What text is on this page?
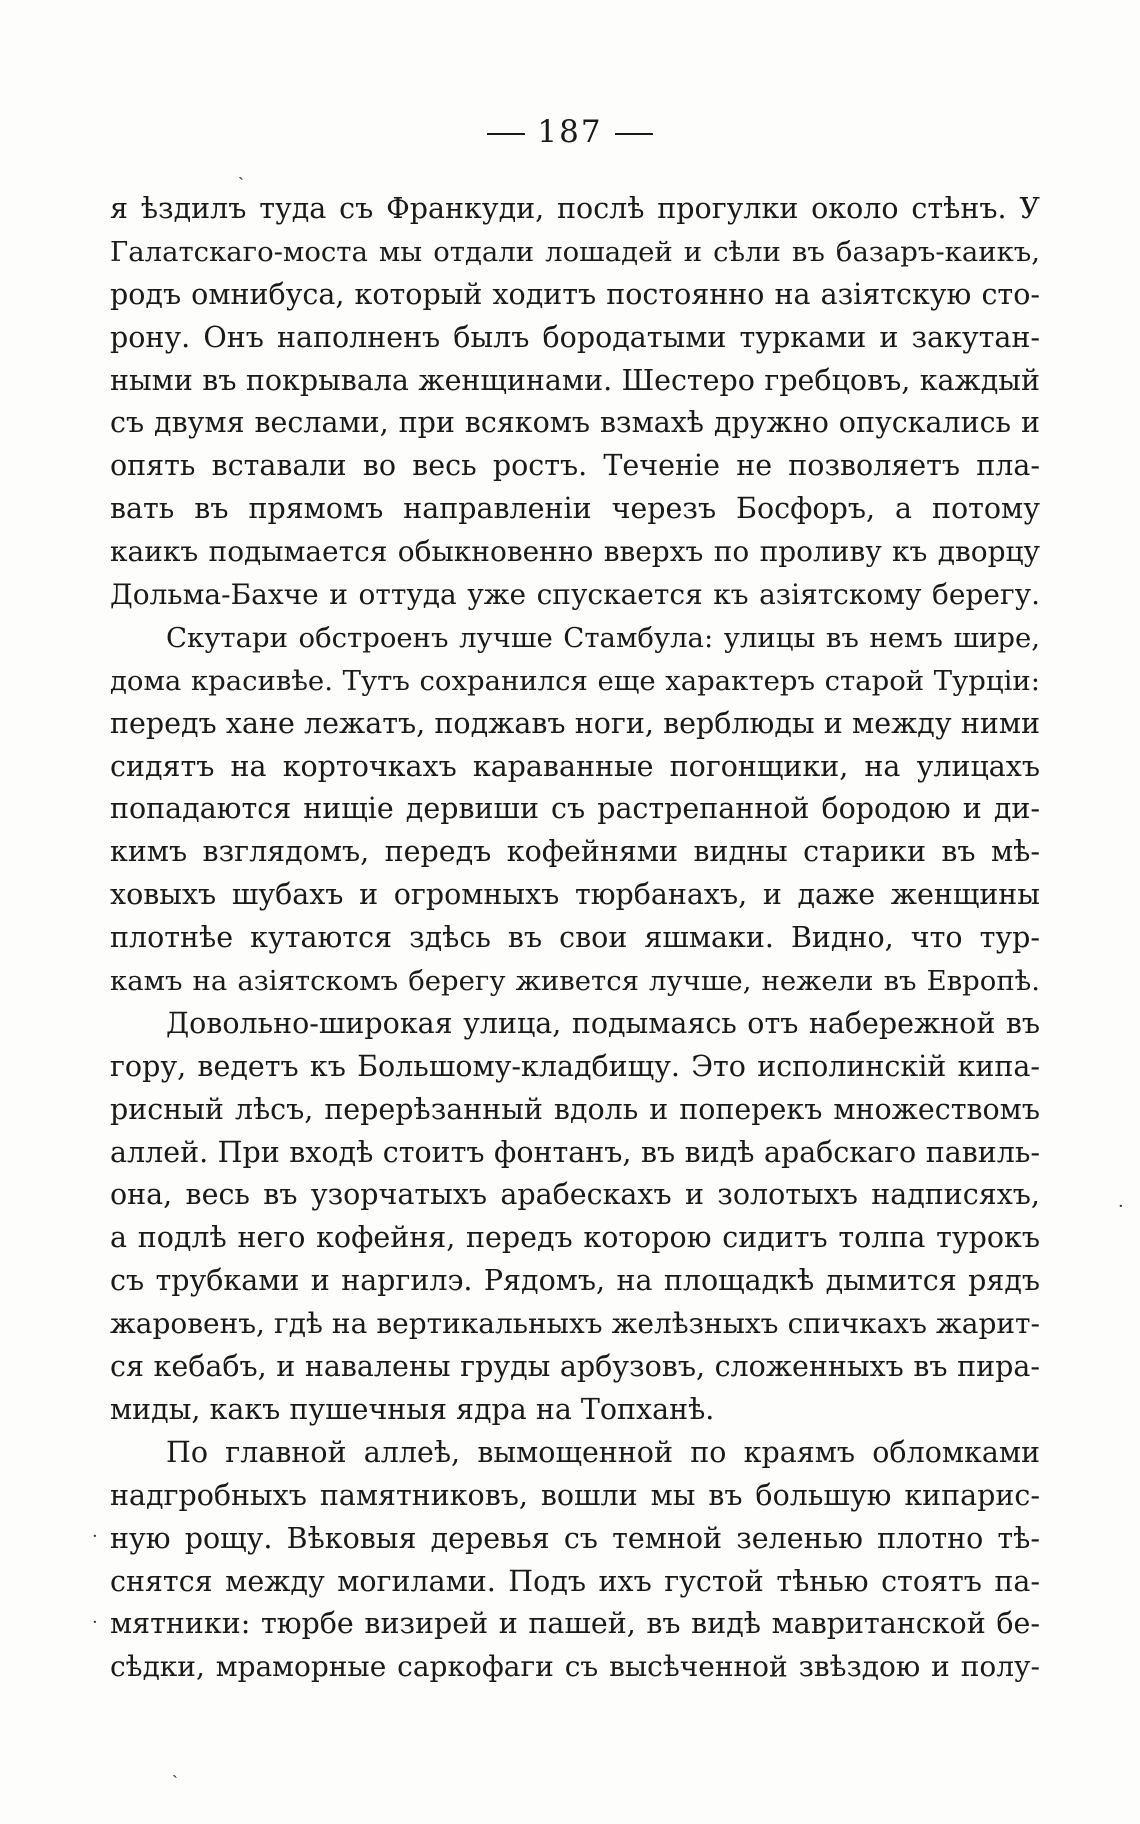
187
я ѣздилъ туда съ Франкуди, послѣ прогулки около стѣнъ. У
Галатскаго-моста мы отдали лошадей и сѣли въ базаръ-каикъ,
родъ омнибуса, который ходитъ постоянно на азіятскую сто-
рону. Онъ наполненъ былъ бородатыми турками и закутан-
ными въ покрывала женщинами. Шестеро гребцовъ, каждый
съ двумя веслами, при всякомъ взмахѣ дружно опускались и
опять вставали во весь ростъ. Теченіе не позволяетъ пла-
вать въ прямомъ направленіи черезъ Босфоръ, а потому
каикъ подымается обыкновенно вверхъ по проливу къ дворцу
Дольма-Бахче и оттуда уже спускается къ азіятскому берегу.
Скутари обстроенъ лучше Стамбула: улицы въ немъ шире,
дома красивѣе. Тутъ сохранился еще характеръ старой Турціи:
передъ хане лежатъ, поджавъ ноги, верблюды и между ними
сидятъ на корточкахъ караванные погонщики, на улицахъ
попадаются нищіе дервиши съ растрепанной бородою и ди-
кимъ взглядомъ, передъ кофейнями видны старики въ мѣ-
ховыхъ шубахъ и огромныхъ тюрбанахъ, и даже женщины
плотнѣе кутаются здѣсь въ свои яшмаки. Видно, что тур-
камъ на азіятскомъ берегу живется лучше, нежели въ Европѣ.
Довольно-широкая улица, подымаясь отъ набережной въ
гору, ведетъ къ Большому-кладбищу. Это исполинскій кипа-
рисный лѣсъ, перерѣзанный вдоль и поперекъ множествомъ
аллей. При входѣ стоитъ фонтанъ, въ видѣ арабскаго павиль-
она, весь въ узорчатыхъ арабескахъ и золотыхъ надписяхъ,
а подлѣ него кофейня, передъ которою сидитъ толпа турокъ
съ трубками и наргилэ. Рядомъ, на площадкѣ дымится рядъ
жаровенъ, гдѣ на вертикальныхъ желѣзныхъ спичкахъ жарит-
ся кебабъ, и навалены груды арбузовъ, сложенныхъ въ пира-
миды, какъ пушечныя ядра на Топханѣ.
По главной аллеѣ, вымощенной по краямъ обломками
надгробныхъ памятниковъ, вошли мы въ большую кипарис-
ную рощу. Вѣковыя деревья съ темной зеленью плотно тѣ-
снятся между могилами. Подъ ихъ густой тѣнью стоятъ па-
мятники: тюрбе визирей и пашей, въ видѣ мавританской бе-
сѣдки, мраморные саркофаги съ высѣченной звѣздою и полу-
ˏ
·
·
·
ˎ
